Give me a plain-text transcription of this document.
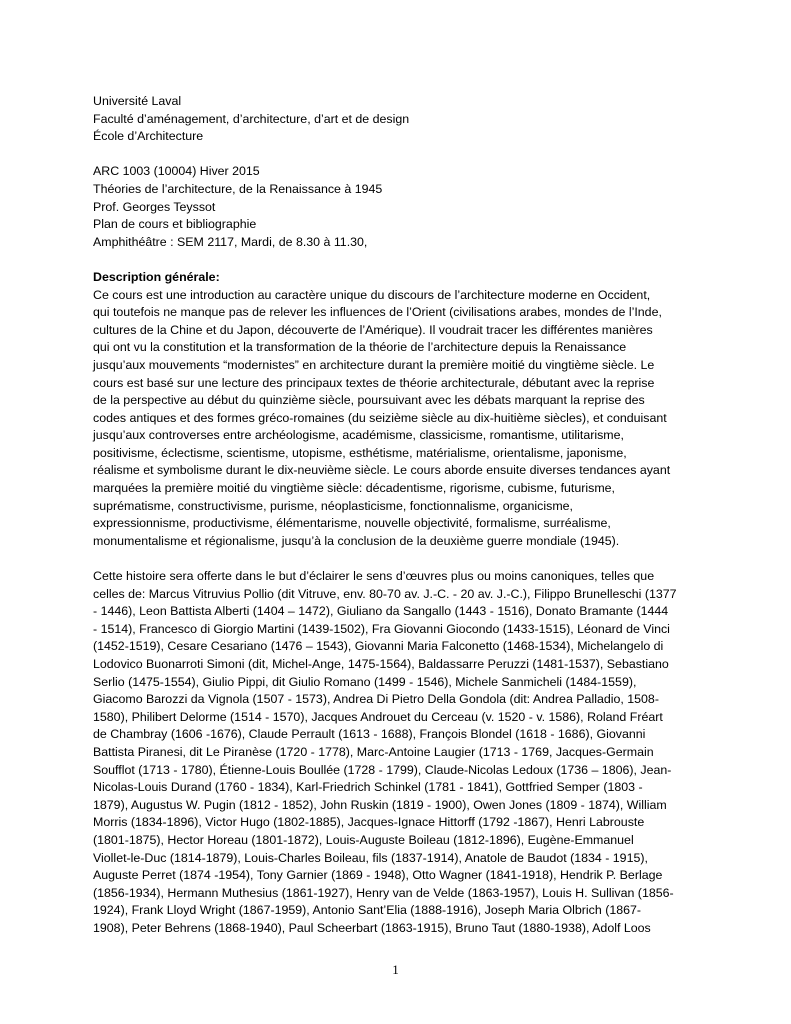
Université Laval
Faculté d’aménagement, d’architecture, d’art et de design
École d’Architecture
ARC 1003 (10004) Hiver 2015
Théories de l’architecture, de la Renaissance à 1945
Prof. Georges Teyssot
Plan de cours et bibliographie
Amphithéâtre : SEM 2117, Mardi, de 8.30 à 11.30,
Description générale:
Ce cours est une introduction au caractère unique du discours de l’architecture moderne en Occident,
qui toutefois ne manque pas de relever les influences de l’Orient (civilisations arabes, mondes de l’Inde,
cultures de la Chine et du Japon, découverte de l’Amérique). Il voudrait tracer les différentes manières
qui ont vu la constitution et la transformation de la théorie de l’architecture depuis la Renaissance
jusqu’aux mouvements “modernistes” en architecture durant la première moitié du vingtième siècle. Le
cours est basé sur une lecture des principaux textes de théorie architecturale, débutant avec la reprise
de la perspective au début du quinzième siècle, poursuivant avec les débats marquant la reprise des
codes antiques et des formes gréco-romaines (du seizième siècle au dix-huitième siècles), et conduisant
jusqu’aux controverses entre archéologisme, académisme, classicisme, romantisme, utilitarisme,
positivisme, éclectisme, scientisme, utopisme, esthétisme, matérialisme, orientalisme, japonisme,
réalisme et symbolisme durant le dix-neuvième siècle. Le cours aborde ensuite diverses tendances ayant
marquées la première moitié du vingtième siècle: décadentisme, rigorisme, cubisme, futurisme,
suprématisme, constructivisme, purisme, néoplasticisme, fonctionnalisme, organicisme,
expressionnisme, productivisme, élémentarisme, nouvelle objectivité, formalisme, surréalisme,
monumentalisme et régionalisme, jusqu’à la conclusion de la deuxième guerre mondiale (1945).
Cette histoire sera offerte dans le but d’éclairer le sens d’œuvres plus ou moins canoniques, telles que
celles de: Marcus Vitruvius Pollio (dit Vitruve, env. 80-70 av. J.-C. - 20 av. J.-C.), Filippo Brunelleschi (1377
- 1446), Leon Battista Alberti (1404 – 1472), Giuliano da Sangallo (1443 - 1516), Donato Bramante (1444
- 1514), Francesco di Giorgio Martini (1439-1502), Fra Giovanni Giocondo (1433-1515), Léonard de Vinci
(1452-1519), Cesare Cesariano (1476 – 1543), Giovanni Maria Falconetto (1468-1534), Michelangelo di
Lodovico Buonarroti Simoni (dit, Michel-Ange, 1475-1564), Baldassarre Peruzzi (1481-1537), Sebastiano
Serlio (1475-1554), Giulio Pippi, dit Giulio Romano (1499 - 1546), Michele Sanmicheli (1484-1559),
Giacomo Barozzi da Vignola (1507 - 1573), Andrea Di Pietro Della Gondola (dit: Andrea Palladio, 1508-
1580), Philibert Delorme (1514 - 1570), Jacques Androuet du Cerceau (v. 1520 - v. 1586), Roland Fréart
de Chambray (1606 -1676), Claude Perrault (1613 - 1688), François Blondel (1618 - 1686), Giovanni
Battista Piranesi, dit Le Piranèse (1720 - 1778), Marc-Antoine Laugier (1713 - 1769, Jacques-Germain
Soufflot (1713 - 1780), Étienne-Louis Boullée (1728 - 1799), Claude-Nicolas Ledoux (1736 – 1806), Jean-
Nicolas-Louis Durand (1760 - 1834), Karl-Friedrich Schinkel (1781 - 1841), Gottfried Semper (1803 -
1879), Augustus W. Pugin (1812 - 1852), John Ruskin (1819 - 1900), Owen Jones (1809 - 1874), William
Morris (1834-1896), Victor Hugo (1802-1885), Jacques-Ignace Hittorff (1792 -1867), Henri Labrouste
(1801-1875), Hector Horeau (1801-1872), Louis-Auguste Boileau (1812-1896), Eugène-Emmanuel
Viollet-le-Duc (1814-1879), Louis-Charles Boileau, fils (1837-1914), Anatole de Baudot (1834 - 1915),
Auguste Perret (1874 -1954), Tony Garnier (1869 - 1948), Otto Wagner (1841-1918), Hendrik P. Berlage
(1856-1934), Hermann Muthesius (1861-1927), Henry van de Velde (1863-1957), Louis H. Sullivan (1856-
1924), Frank Lloyd Wright (1867-1959), Antonio Sant’Elia (1888-1916), Joseph Maria Olbrich (1867-
1908), Peter Behrens (1868-1940), Paul Scheerbart (1863-1915), Bruno Taut (1880-1938), Adolf Loos
1
